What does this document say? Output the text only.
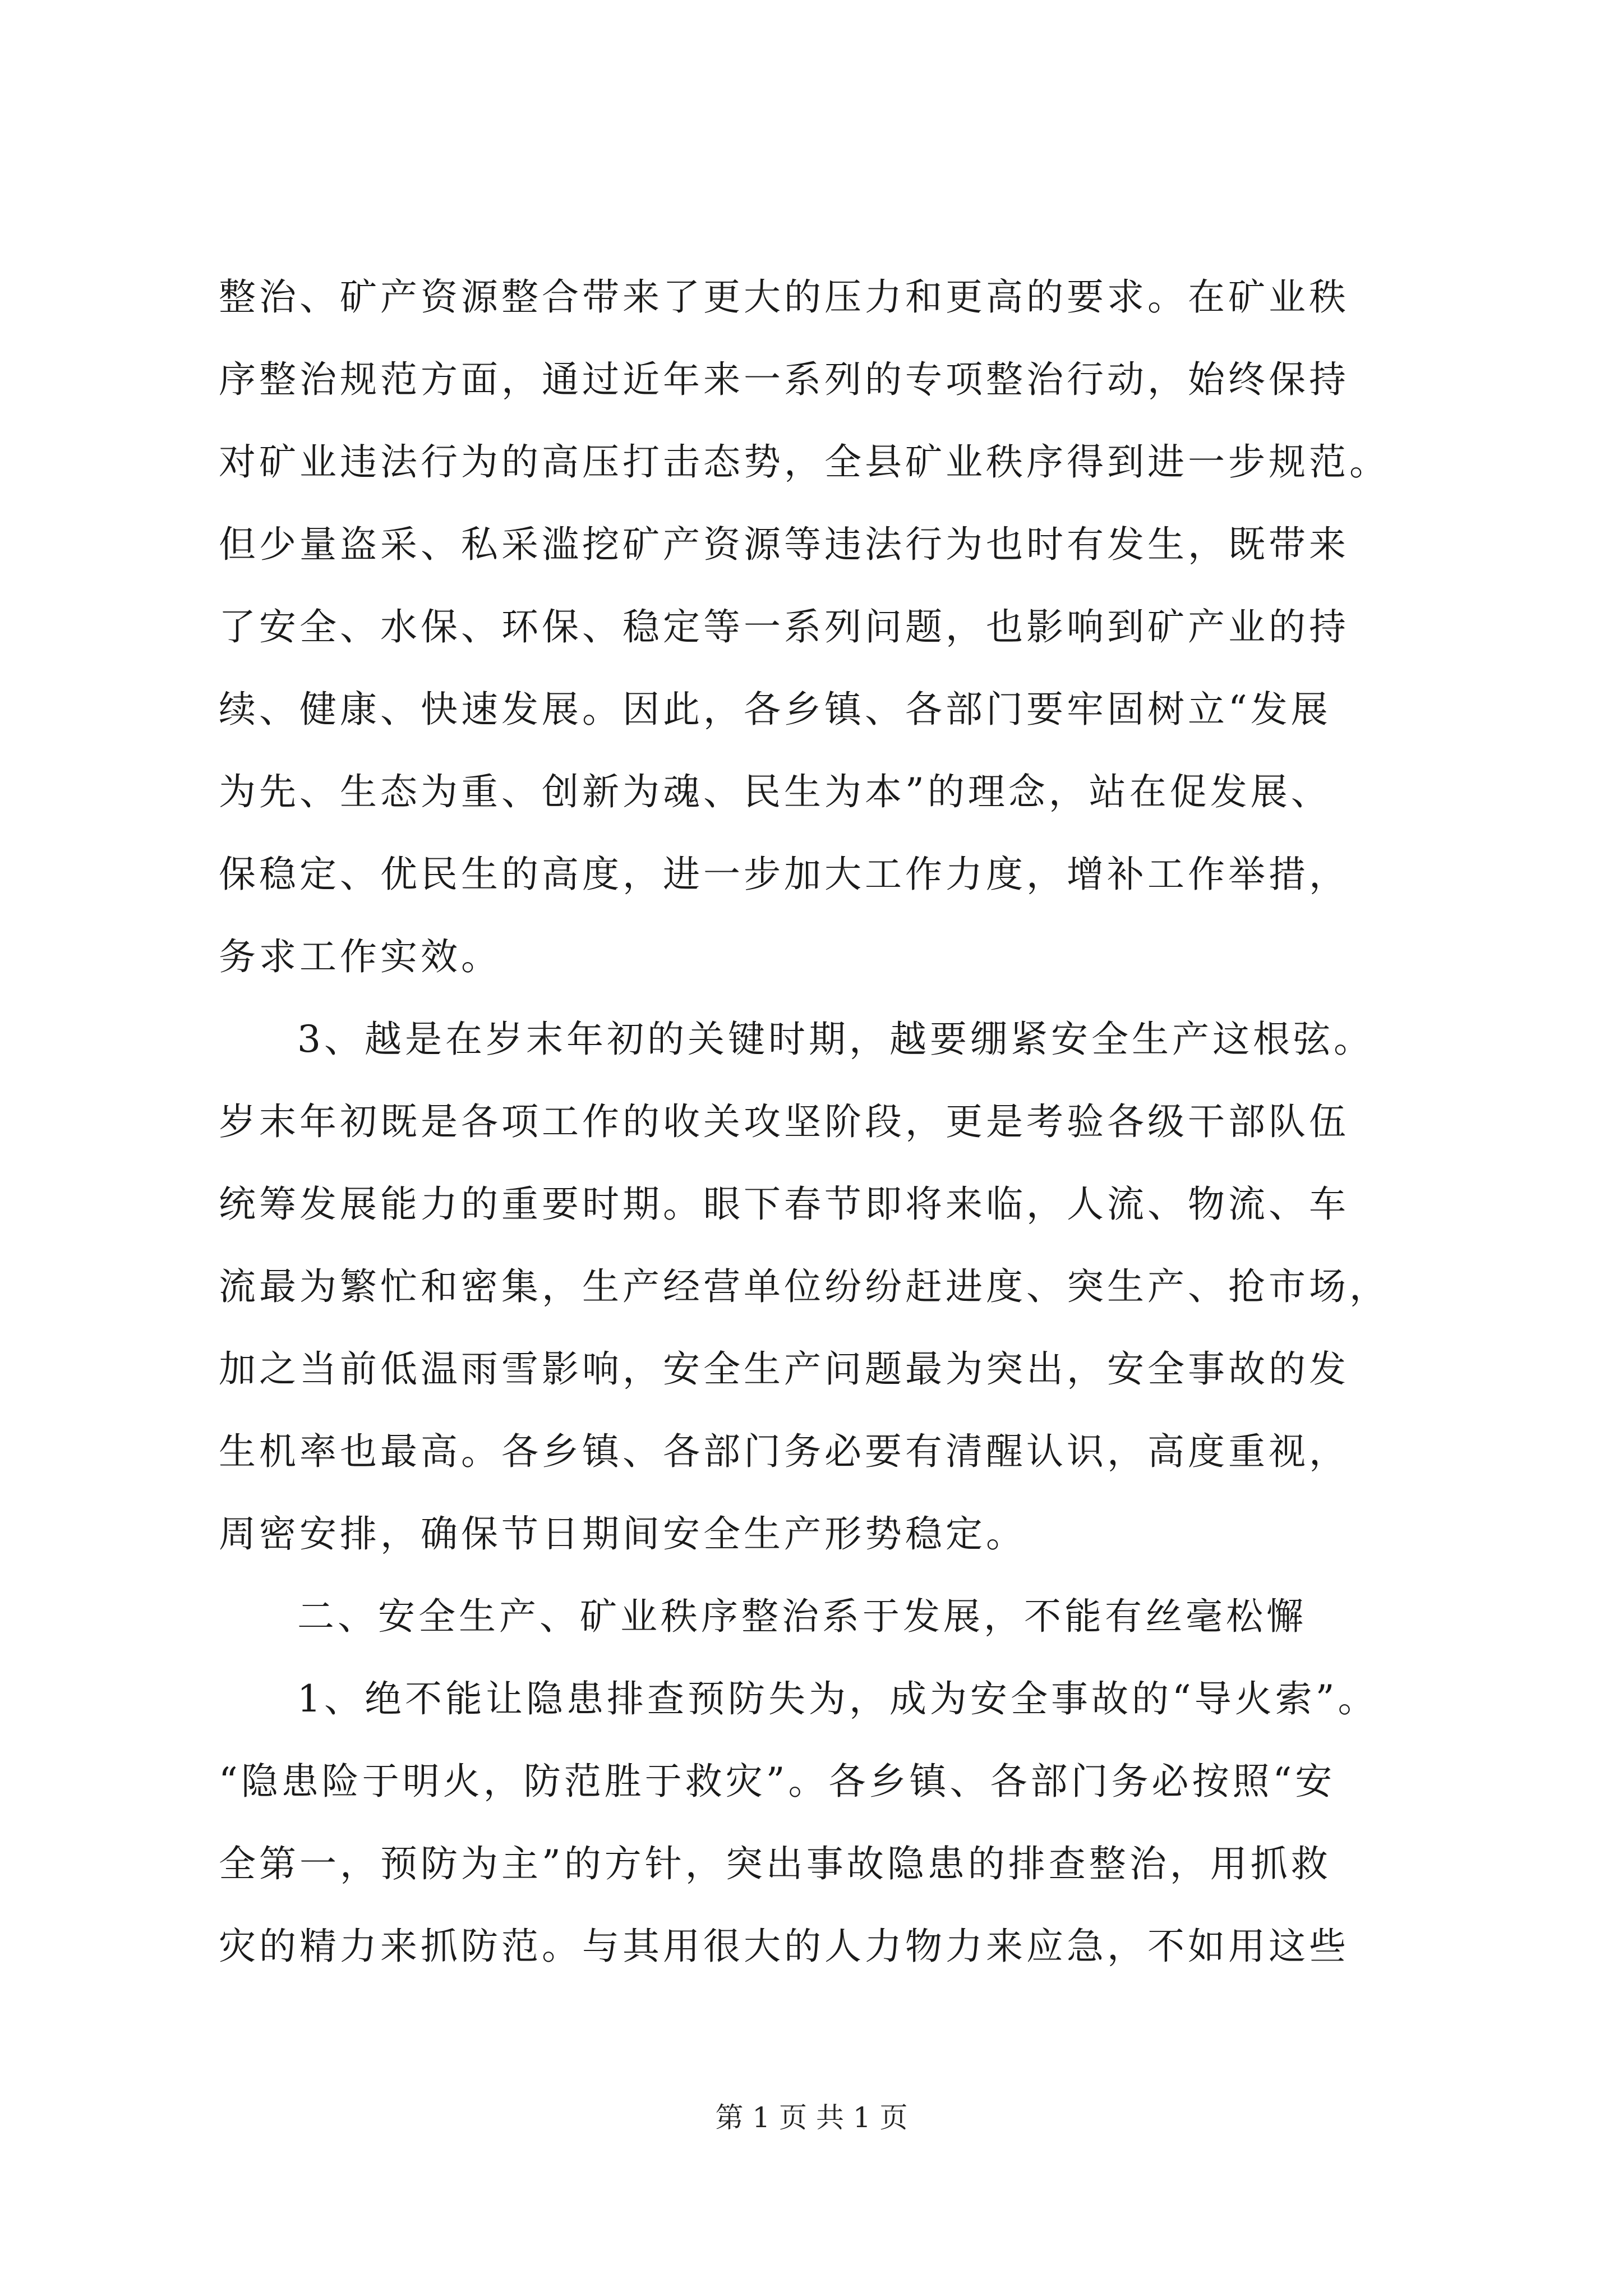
整治、矿产资源整合带来了更大的压力和更高的要求。在矿业秩
序整治规范方面，通过近年来一系列的专项整治行动，始终保持
对矿业违法行为的高压打击态势，全县矿业秩序得到进一步规范。
但少量盗采、私采滥挖矿产资源等违法行为也时有发生，既带来
了安全、水保、环保、稳定等一系列问题，也影响到矿产业的持
续、健康、快速发展。因此，各乡镇、各部门要牢固树立“发展
为先、生态为重、创新为魂、民生为本”的理念，站在促发展、
保稳定、优民生的高度，进一步加大工作力度，增补工作举措，
务求工作实效。
3、越是在岁末年初的关键时期，越要绷紧安全生产这根弦。
岁末年初既是各项工作的收关攻坚阶段，更是考验各级干部队伍
统筹发展能力的重要时期。眼下春节即将来临，人流、物流、车
流最为繁忙和密集，生产经营单位纷纷赶进度、突生产、抢市场，
加之当前低温雨雪影响，安全生产问题最为突出，安全事故的发
生机率也最高。各乡镇、各部门务必要有清醒认识，高度重视，
周密安排，确保节日期间安全生产形势稳定。
二、安全生产、矿业秩序整治系于发展，不能有丝毫松懈
1、绝不能让隐患排查预防失为，成为安全事故的“导火索”。
“隐患险于明火，防范胜于救灾”。各乡镇、各部门务必按照“安
全第一，预防为主”的方针，突出事故隐患的排查整治，用抓救
灾的精力来抓防范。与其用很大的人力物力来应急，不如用这些
第 1 页 共 1 页
